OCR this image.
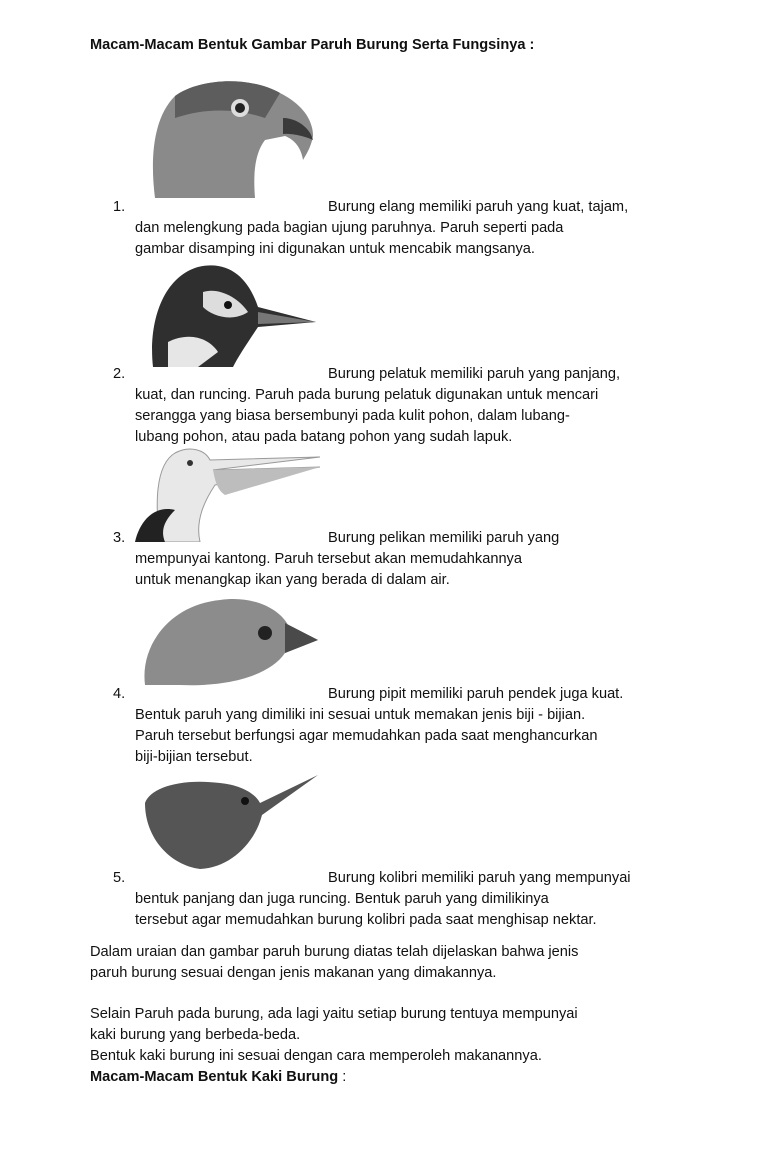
Macam-Macam Bentuk Gambar Paruh Burung Serta Fungsinya :
1.	Burung elang memiliki paruh yang kuat, tajam,
dan melengkung pada bagian ujung paruhnya. Paruh seperti pada
gambar disamping ini digunakan untuk mencabik mangsanya.
2.	Burung pelatuk memiliki paruh yang panjang,
kuat, dan runcing. Paruh pada burung pelatuk digunakan untuk mencari
serangga yang biasa bersembunyi pada kulit pohon, dalam lubang-
lubang pohon, atau pada batang pohon yang sudah lapuk.
3.	Burung pelikan memiliki paruh yang
mempunyai kantong. Paruh tersebut akan memudahkannya
untuk menangkap ikan yang berada di dalam air.
4.	Burung pipit memiliki paruh pendek juga kuat.
Bentuk paruh yang dimiliki ini sesuai untuk memakan jenis biji - bijian.
Paruh tersebut berfungsi agar memudahkan pada saat menghancurkan
biji-bijian tersebut.
5.	Burung kolibri memiliki paruh yang mempunyai
bentuk panjang dan juga runcing. Bentuk paruh yang dimilikinya
tersebut agar memudahkan burung kolibri pada saat menghisap nektar.
Dalam uraian dan gambar paruh burung diatas telah dijelaskan bahwa jenis
paruh burung sesuai dengan jenis makanan yang dimakannya.
Selain Paruh pada burung, ada lagi yaitu setiap burung tentuya mempunyai
kaki burung yang berbeda-beda.
Bentuk kaki burung ini sesuai dengan cara memperoleh makanannya.
Macam-Macam Bentuk Kaki Burung :
